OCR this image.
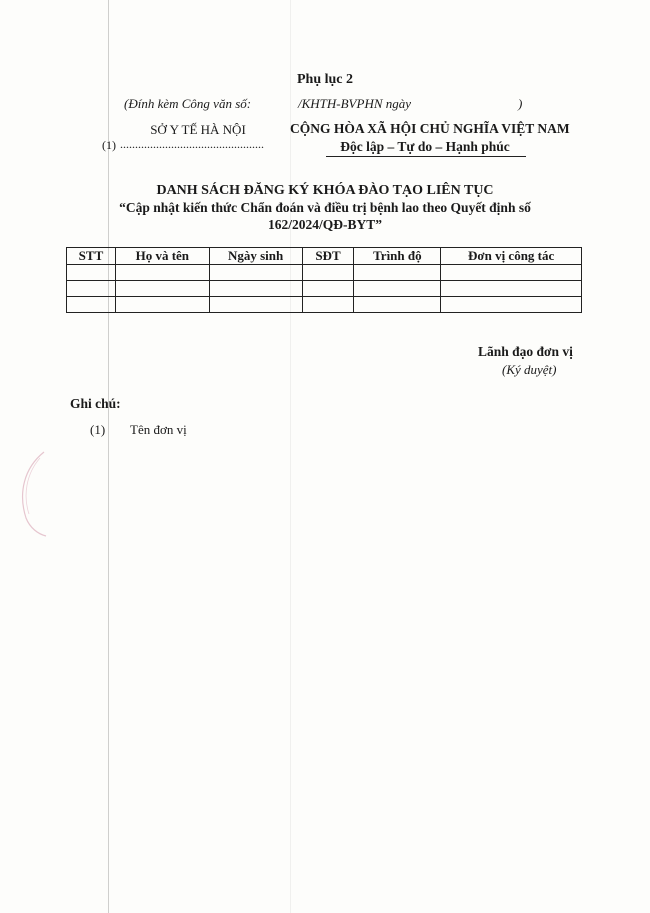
Phụ lục 2
(Đính kèm Công văn số:	/KHTH-BVPHN ngày	)
SỞ Y TẾ HÀ NỘI
(1) ................................................
CỘNG HÒA XÃ HỘI CHỦ NGHĨA VIỆT NAM
Độc lập – Tự do – Hạnh phúc
DANH SÁCH ĐĂNG KÝ KHÓA ĐÀO TẠO LIÊN TỤC
“Cập nhật kiến thức Chẩn đoán và điều trị bệnh lao theo Quyết định số
162/2024/QĐ-BYT”
STT	Họ và tên	Ngày sinh	SĐT	Trình độ	Đơn vị công tác

Lãnh đạo đơn vị
(Ký duyệt)
Ghi chú:
(1) Tên đơn vị
